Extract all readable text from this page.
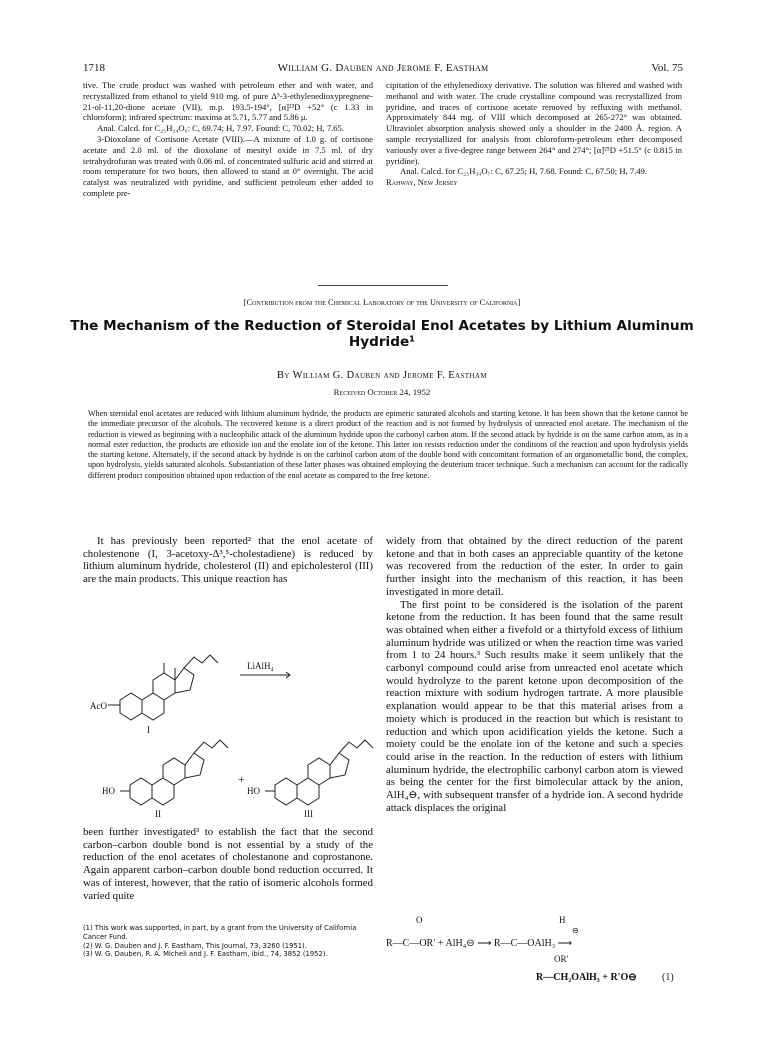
1718	William G. Dauben and Jerome F. Eastham	Vol. 75

tive. The crude product was washed with petroleum ether and with water, and recrystallized from ethanol to yield 910 mg. of pure Δ⁵-3-ethylenedioxypregnene-21-ol-11,20-dione acetate (VII), m.p. 193.5-194°, [α]²³D +52° (c 1.33 in chloroform); infrared spectrum: maxima at 5.71, 5.77 and 5.86 μ.

Anal. Calcd. for C₂₅H₃₄O₆: C, 69.74; H, 7.97. Found: C, 70.02; H, 7.65.

3-Dioxolane of Cortisone Acetate (VIII).—A mixture of 1.0 g. of cortisone acetate and 2.0 ml. of the dioxolane of mesityl oxide in 7.5 ml. of dry tetrahydrofuran was treated with 0.06 ml. of concentrated sulfuric acid and stirred at room temperature for two hours, then allowed to stand at 0° overnight. The acid catalyst was neutralized with pyridine, and sufficient petroleum ether added to complete pre-

cipitation of the ethylenedioxy derivative. The solution was filtered and washed with methanol and with water. The crude crystalline compound was recrystallized from pyridine, and traces of cortisone acetate removed by refluxing with methanol. Approximately 844 mg. of VIII which decomposed at 265-272° was obtained. Ultraviolet absorption analysis showed only a shoulder in the 2400 Å. region. A sample recrystallized for analysis from chloroform-petroleum ether decomposed variously over a five-degree range between 264° and 274°; [α]²⁵D +51.5° (c 0.815 in pyridine).

Anal. Calcd. for C₂₅H₃₄O₇: C, 67.25; H, 7.68. Found: C, 67.50; H, 7.49.

Rahway, New Jersey

[Contribution from the Chemical Laboratory of the University of California]
The Mechanism of the Reduction of Steroidal Enol Acetates by Lithium Aluminum Hydride¹
By William G. Dauben and Jerome F. Eastham
Received October 24, 1952
When steroidal enol acetates are reduced with lithium aluminum hydride, the products are epimeric saturated alcohols and starting ketone. It has been shown that the ketone cannot be the immediate precursor of the alcohols. The recovered ketone is a direct product of the reaction and is not formed by hydrolysis of unreacted enol acetate. The mechanism of the reduction is viewed as beginning with a nucleophilic attack of the aluminum hydride upon the carbonyl carbon atom. If the second attack by hydride is on the same carbon atom, as in a normal ester reduction, the products are ethoxide ion and the enolate ion of the ketone. This latter ion resists reduction under the conditions of the reaction and upon hydrolysis yields the starting ketone. Alternately, if the second attack by hydride is on the carbinol carbon atom of the double bond with concomitant formation of an organometallic bond, the complex, upon hydrolysis, yields saturated alcohols. Substantiation of these latter phases was obtained employing the deuterium tracer technique. Such a mechanism can account for the radically different product composition obtained upon reduction of the enol acetate as compared to the free ketone.

It has previously been reported² that the enol acetate of cholestenone (I, 3-acetoxy-Δ³,⁵-cholestadiene) is reduced by lithium aluminum hydride, cholesterol (II) and epicholesterol (III) are the main products. This unique reaction has

AcO
I
LiAlH₄
HO
II
+
HO
III

been further investigated³ to establish the fact that the second carbon–carbon double bond is not essential by a study of the reduction of the enol acetates of cholestanone and coprostanone. Again apparent carbon–carbon double bond reduction occurred. It was of interest, however, that the ratio of isomeric alcohols formed varied quite

(1) This work was supported, in part, by a grant from the University of California Cancer Fund.

(2) W. G. Dauben and J. F. Eastham, This Journal, 73, 3260 (1951).

(3) W. G. Dauben, R. A. Micheli and J. F. Eastham, ibid., 74, 3852 (1952).

widely from that obtained by the direct reduction of the parent ketone and that in both cases an appreciable quantity of the ketone was recovered from the reduction of the ester. In order to gain further insight into the mechanism of this reaction, it has been investigated in more detail.

The first point to be considered is the isolation of the parent ketone from the reduction. It has been found that the same result was obtained when either a fivefold or a thirtyfold excess of lithium aluminum hydride was utilized or when the reaction time was varied from 1 to 24 hours.³ Such results make it seem unlikely that the carbonyl compound could arise from unreacted enol acetate which would hydrolyze to the parent ketone upon decomposition of the reaction mixture with sodium hydrogen tartrate. A more plausible explanation would appear to be that this material arises from a moiety which is produced in the reaction but which is resistant to reduction and which upon acidification yields the ketone. Such a moiety could be the enolate ion of the ketone and such a species could arise in the reaction. In the reduction of esters with lithium aluminum hydride, the electrophilic carbonyl carbon atom is viewed as being the center for the first bimolecular attack by the anion, AlH₄⊖, with subsequent transfer of a hydride ion. A second hydride attack displaces the original

O	H
⊖
R—C—OR′ + AlH₄⊖ ⟶ R—C—OAlH₃ ⟶
OR′
R—CH₂OAlH₃ + R′O⊖	(1)
